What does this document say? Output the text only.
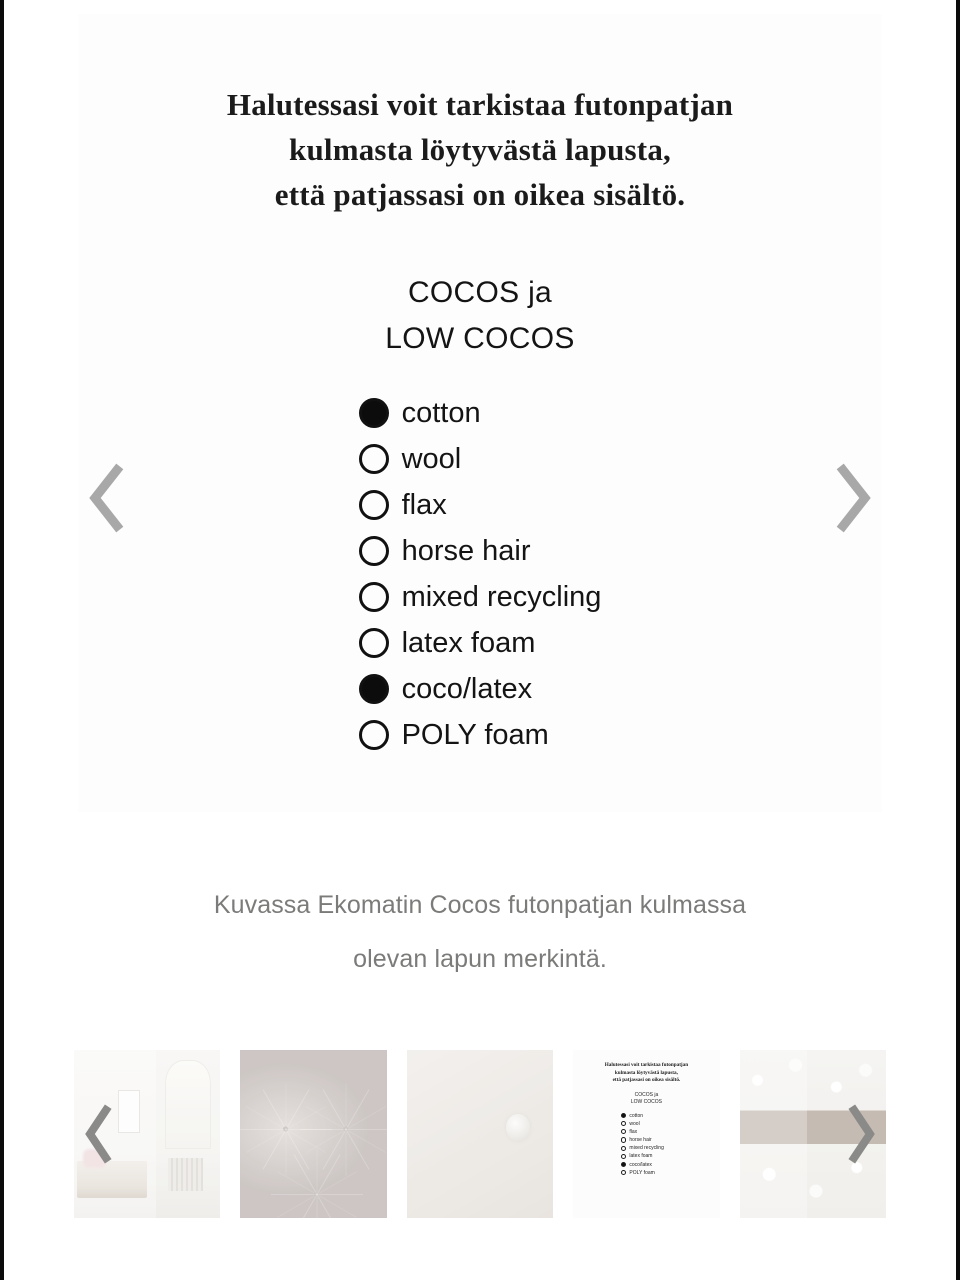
Halutessasi voit tarkistaa futonpatjan
kulmasta löytyvästä lapusta,
että patjassasi on oikea sisältö.
COCOS ja
LOW COCOS
cotton
wool
flax
horse hair
mixed recycling
latex foam
coco/latex
POLY foam
Kuvassa Ekomatin Cocos futonpatjan kulmassa
olevan lapun merkintä.
Halutessasi voit tarkistaa futonpatjan
kulmasta löytyvästä lapusta,
että patjassasi on oikea sisältö.
COCOS ja
LOW COCOS
cotton
wool
flax
horse hair
mixed recycling
latex foam
coco/latex
POLY foam
